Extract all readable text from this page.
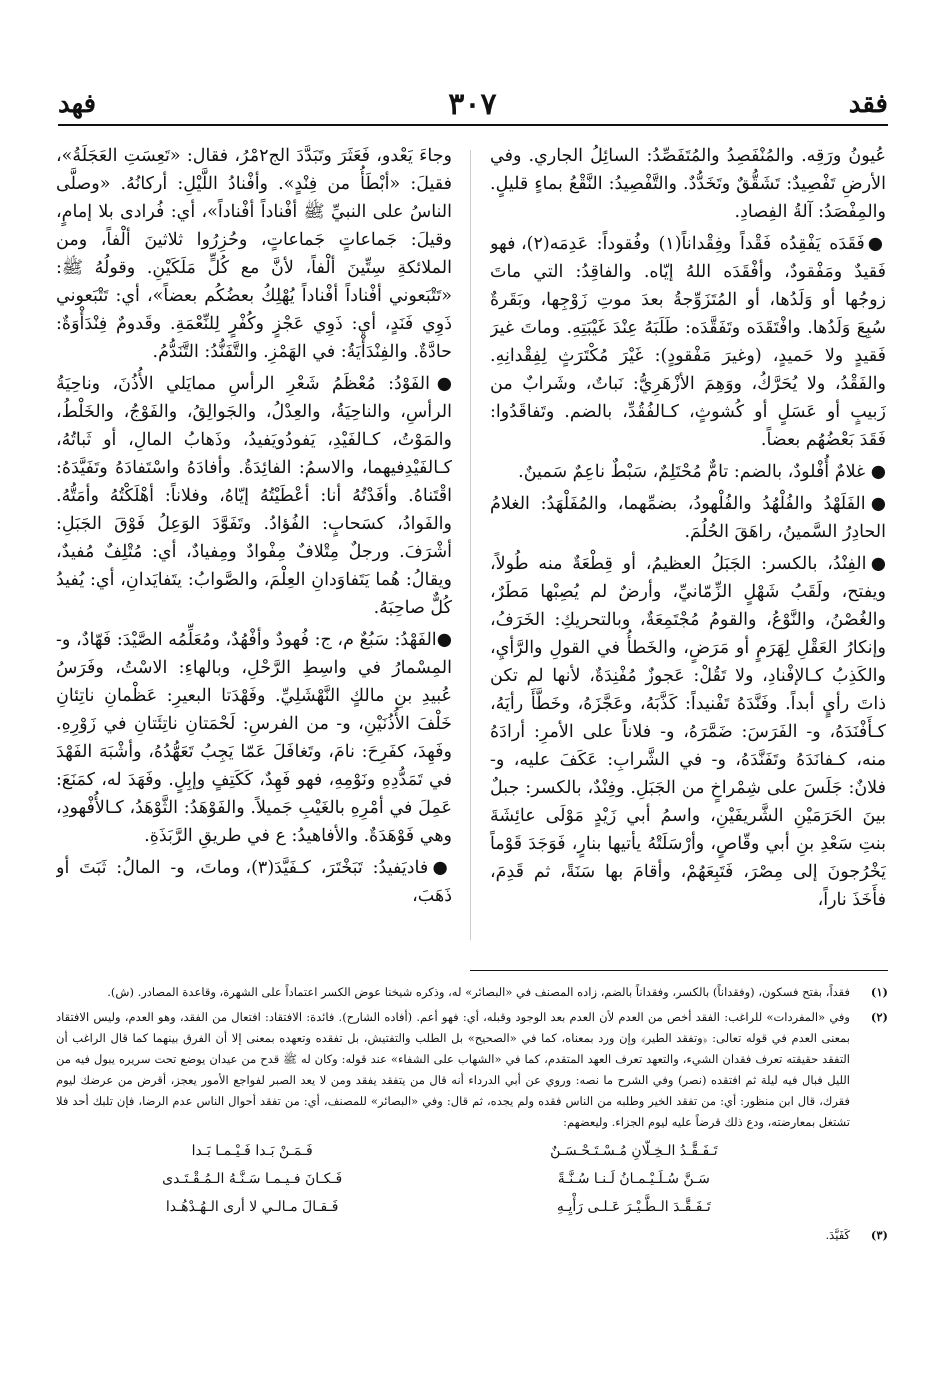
فقد
٣٠٧
فهد

عُيونُ ورَقِه. والمُنْفَصِدُ والمُتَفَصِّدُ: السائِلُ الجاري. وفي الأرضِ تَفْصِيدٌ: تَشَقُّقٌ وتَخَدُّدٌ. والتَّفْصِيدُ: النَّقْعُ بماءٍ قليلٍ. والمِفْصَدُ: آلةُ الفِصادِ.

●فَقَدَه يَفْقِدُه فَقْداً وفِقْداناً(١) وفُقوداً: عَدِمَه(٢)، فهو فَقيدٌ ومَفْقودٌ، وأفْقَدَه اللهُ إيّاه. والفاقِدُ: التي ماتَ زوجُها أو وَلَدُها، أو المُتَزَوِّجةُ بعدَ موتِ زَوْجِها، وبَقَرةٌ سُبِعَ وَلَدُها. وافْتَقَدَه وتَفَقَّدَه: طَلَبَهُ عِنْدَ غَيْبَتِهِ. وماتَ غيرَ فَقيدٍ ولا حَميدٍ، (وغيرَ مَفْقودٍ): غَيْرَ مُكْتَرَثٍ لِفِقْدانِهِ. والفَقْدُ، ولا يُحَرَّكُ، ووَهِمَ الأزْهَرِيُّ: نَباتٌ، وشَرابٌ من زَبيبٍ أو عَسَلٍ أو كُشوثٍ، كـالفُقُدِّ، بالضم. وتَفاقَدُوا: فَقَدَ بَعْضُهُم بعضاً.

● غلامٌ أُفْلودٌ، بالضم: تامٌّ مُحْتَلِمٌ، سَبْطٌ ناعِمٌ سَمينٌ.

●الفَلَهْدُ والفُلْهُدُ والفُلْهودُ، بضمِّهما، والمُفَلْهَدُ: الغلامُ الحادِرُ السَّمينُ، راهَقَ الحُلُمَ.

●الفِنْدُ، بالكسر: الجَبَلُ العظيمُ، أو قِطْعَةٌ منه طُولاً، ويفتح، ولَقَبُ شَهْلٍ الزِّمّانيِّ، وأرضٌ لم يُصِبْها مَطَرٌ، والغُصْنُ، والنَّوْعُ، والقومُ مُجْتَمِعَةٌ، وبالتحريكِ: الخَرَفُ، وإنكارُ العَقْلِ لِهَرَمٍ أو مَرَضٍ، والخَطأُ في القولِ والرَّأيِ، والكَذِبُ كـالإفْنادِ، ولا تَقُلْ: عَجوزٌ مُفْنِدَةٌ، لأنها لم تكن ذاتَ رأيٍ أبداً. وفَنَّدَهُ تَفْنيداً: كَذَّبَهُ، وعَجَّزَهُ، وخَطَّأَ رأيَهُ، كـأَفْنَدَهُ، و- الفَرَسَ: ضَمَّرَهُ، و- فلاناً على الأمرِ: أرادَهُ منه، كـفانَدَهُ وتَفَنَّدَهُ، و- في الشَّرابِ: عَكَفَ عليه، و- فلانٌ: جَلَسَ على شِمْراخٍ من الجَبَلِ. وفِنْدٌ، بالكسر: جبلٌ بينَ الحَرَمَيْنِ الشَّريفَيْنِ، واسمُ أبي زَيْدٍ مَوْلَى عائِشَةَ بنتِ سَعْدِ بنِ أبي وقّاصٍ، وأرْسَلَتْهُ يأتيها بنارٍ، فَوَجَدَ قَوْماً يَخْرُجونَ إلى مِصْرَ، فَتَبِعَهُمْ، وأقامَ بها سَنَةً، ثم قَدِمَ، فأَخَذَ ناراً،

وجاءَ يَعْدو، فَعَثَرَ وتَبَدَّدَ الج٢مْرُ، فقال: «تَعِسَتِ العَجَلَةُ»، فقيلَ: «أبْطَأُ من فِنْدٍ». وأفْنادُ اللَّيْلِ: أركانُهُ. «وصلَّى الناسُ على النبيِّ ﷺ أفْناداً أفْناداً»، أي: فُرادى بلا إمامٍ، وقيلَ: جَماعاتٍ جَماعاتٍ، وحُزِرُوا ثلاثينَ ألْفاً، ومن الملائكةِ سِتِّينَ ألْفاً، لأنَّ مع كُلٍّ مَلَكَيْنِ. وقولُهُ ﷺ: «تَتْبَعوني أفْناداً أفْناداً يُهْلِكُ بعضُكُم بعضاً»، أي: تَتْبَعوني ذَوِي فَنَدٍ، أي: ذَوِي عَجْزٍ وكُفْرٍ لِلنِّعْمَةِ. وقَدومٌ فِنْدَأْوَةٌ: حادَّةٌ. والفِنْدَأْيَةُ: في الهَمْزِ. والتَّفَنُّدُ: التَّنَدُّمُ.

●الفَوْدُ: مُعْظَمُ شَعْرِ الرأسِ ممايَلي الأُذُنَ، وناحِيَةُ الرأسِ، والناحِيَةُ، والعِدْلُ، والجَوالِقُ، والفَوْجُ، والخَلْطُ، والمَوْتُ، كـالفَيْدِ، يَفودُويَفيدُ، وذَهابُ المالِ، أو ثَباتُهُ، كـالفَيْدِفيهما، والاسمُ: الفائِدَةُ. وأفادَهُ واسْتَفادَهُ وتَفَيَّدَهُ: اقْتَناهُ. وأفَدْتُهُ أنا: أعْطَيْتُهُ إيّاهُ، وفلاناً: أهْلَكْتُهُ وأمَتُّهُ. والفَوادُ، كسَحابٍ: الفُؤادُ. وتَفَوَّدَ الوَعِلُ فَوْقَ الجَبَلِ: أشْرَفَ. ورجلٌ مِتْلافٌ مِفْوادٌ ومِفيادٌ، أي: مُتْلِفٌ مُفيدٌ، ويقالُ: هُما يَتَفاوَدانِ العِلْمَ، والصَّوابُ: يتَفايَدانِ، أي: يُفيدُ كُلٌّ صاحِبَهُ.

●الفَهْدُ: سَبُعٌ م، ج: فُهودٌ وأفْهُدٌ، ومُعَلِّمُه الصَّيْدَ: فَهّادٌ، و- المِسْمارُ في واسِطِ الرَّحْلِ، وبالهاءِ: الاسْتُ، وفَرَسُ عُبيدِ بنِ مالكٍ النَّهْشَلِيِّ. وفَهْدَتا البعيرِ: عَظْمانِ ناتِئانِ خَلْفَ الأُذُنَيْنِ، و- من الفرسِ: لَحْمَتانِ ناتِئَتانِ في زَوْرِهِ. وفَهِدَ، كفَرِحَ: نامَ، وتَغافَلَ عَمّا يَجِبُ تَعَهُّدُهُ، وأشْبَهَ الفَهْدَ في تَمَدُّدِهِ ونَوْمِهِ، فهو فَهِدٌ، كَكَتِفٍ وإبِلٍ. وفَهَدَ له، كمَنَعَ: عَمِلَ في أمْرِهِ بالغَيْبِ جَميلاً. والفَوْهَدُ: الثَّوْهَدُ، كـالأُفْهودِ، وهي فَوْهَدَةٌ. والأفاهيدُ: ع في طريقِ الرَّبَذَةِ.

●فاديَفيدُ: تَبَخْتَرَ، كـفَيَّدَ(٣)، وماتَ، و- المالُ: ثَبَتَ أو ذَهَبَ،

(١)
فقداً، بفتح فسكون، (وفقداناً) بالكسر، وفقداناً بالضم، زاده المصنف في «البصائر» له، وذكره شيخنا عوض الكسر اعتماداً على الشهرة، وقاعدة المصادر. (ش).
(٢)
وفي «المفردات» للراغب: الفقد أخص من العدم لأن العدم بعد الوجود وقبله، أي: فهو أعم. (أفاده الشارح). فائدة: الافتقاد: افتعال من الفقد، وهو العدم، وليس الافتقاد بمعنى العدم في قوله تعالى: ﴿وتفقد الطير﴾ وإن ورد بمعناه، كما في «الصحيح» بل الطلب والتفتيش، بل تفقده وتعهده بمعنى إلا أن الفرق بينهما كما قال الراغب أن التفقد حقيقته تعرف فقدان الشيء، والتعهد تعرف العهد المتقدم، كما في «الشهاب على الشفاء» عند قوله: وكان له ﷺ قدح من عيدان يوضع تحت سريره يبول فيه من الليل فبال فيه ليلة ثم افتقده (نصر) وفي الشرح ما نصه: وروي عن أبي الدرداء أنه قال من يتفقد يفقد ومن لا يعد الصبر لفواجع الأمور يعجز، أقرض من عرضك ليوم فقرك، قال ابن منظور: أي: من تفقد الخير وطلبه من الناس فقده ولم يجده، ثم قال: وفي «البصائر» للمصنف، أي: من تفقد أحوال الناس عدم الرضا، فإن تلبك أحد فلا تشتغل بمعارضته، ودع ذلك قرضاً عليه ليوم الجزاء. وليعضهم:
تَـفَـقَّـدُ الـخِـلّانِ مُـسْـتَـحْـسَـنٌ
فَـمَـنْ بَـدا فَـيْـمـا بَـدا
سَـنَّ سُـلَـيْـمـانُ لَـنـا سُـنَّـةً
فَـكـانَ فـيـمـا سَـنَّـهُ الـمُـقْـتَـدى
تَـفَـقَّـدَ الـطَّـيْـرَ عَـلـى رَأْيِـهِ
فَـقـالَ مـالـي لا أرى الـهُـدْهُـدا
(٣)
كَفَيَّدَ.
